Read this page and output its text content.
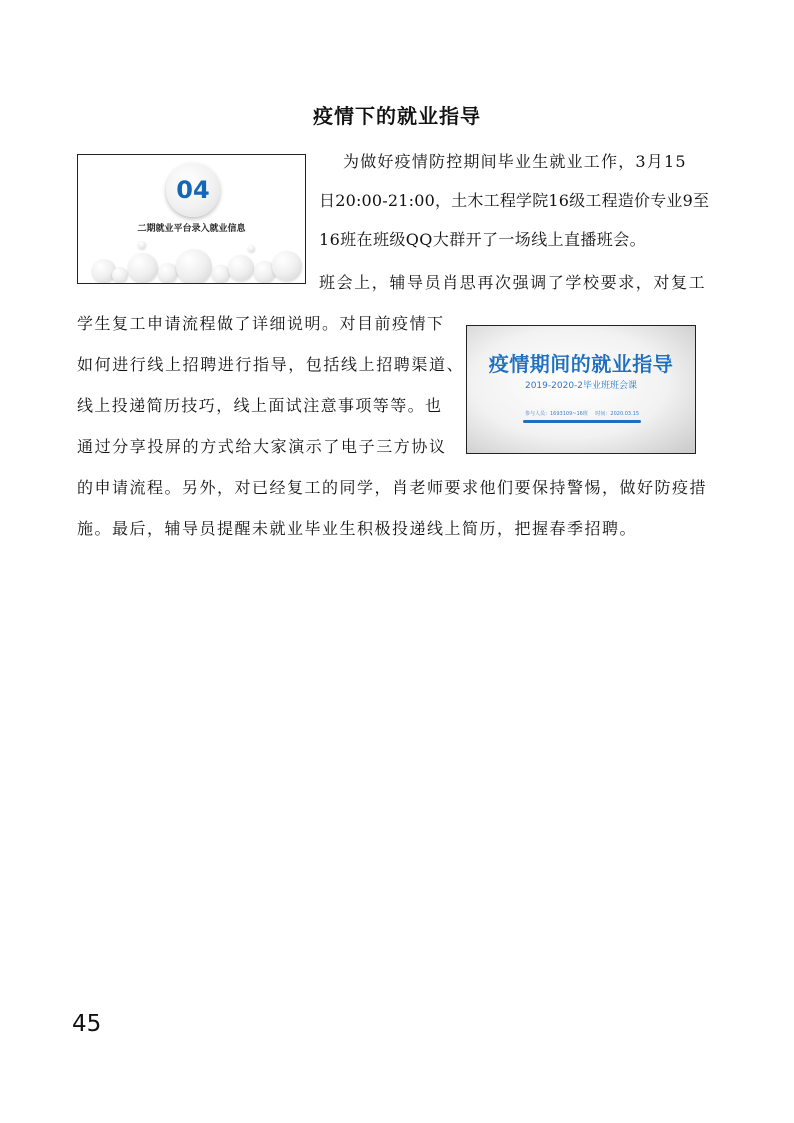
疫情下的就业指导
04
二期就业平台录入就业信息
为做好疫情防控期间毕业生就业工作，3月15
日20:00-21:00，土木工程学院16级工程造价专业9至
16班在班级QQ大群开了一场线上直播班会。
班会上，辅导员肖思再次强调了学校要求，对复工
学生复工申请流程做了详细说明。对目前疫情下
如何进行线上招聘进行指导，包括线上招聘渠道、
线上投递简历技巧，线上面试注意事项等等。也
通过分享投屏的方式给大家演示了电子三方协议
的申请流程。另外，对已经复工的同学，肖老师要求他们要保持警惕，做好防疫措
施。最后，辅导员提醒未就业毕业生积极投递线上简历，把握春季招聘。
疫情期间的就业指导
2019-2020-2毕业班班会课
参与人员：1693109~16班 时间：2020.03.15
45
